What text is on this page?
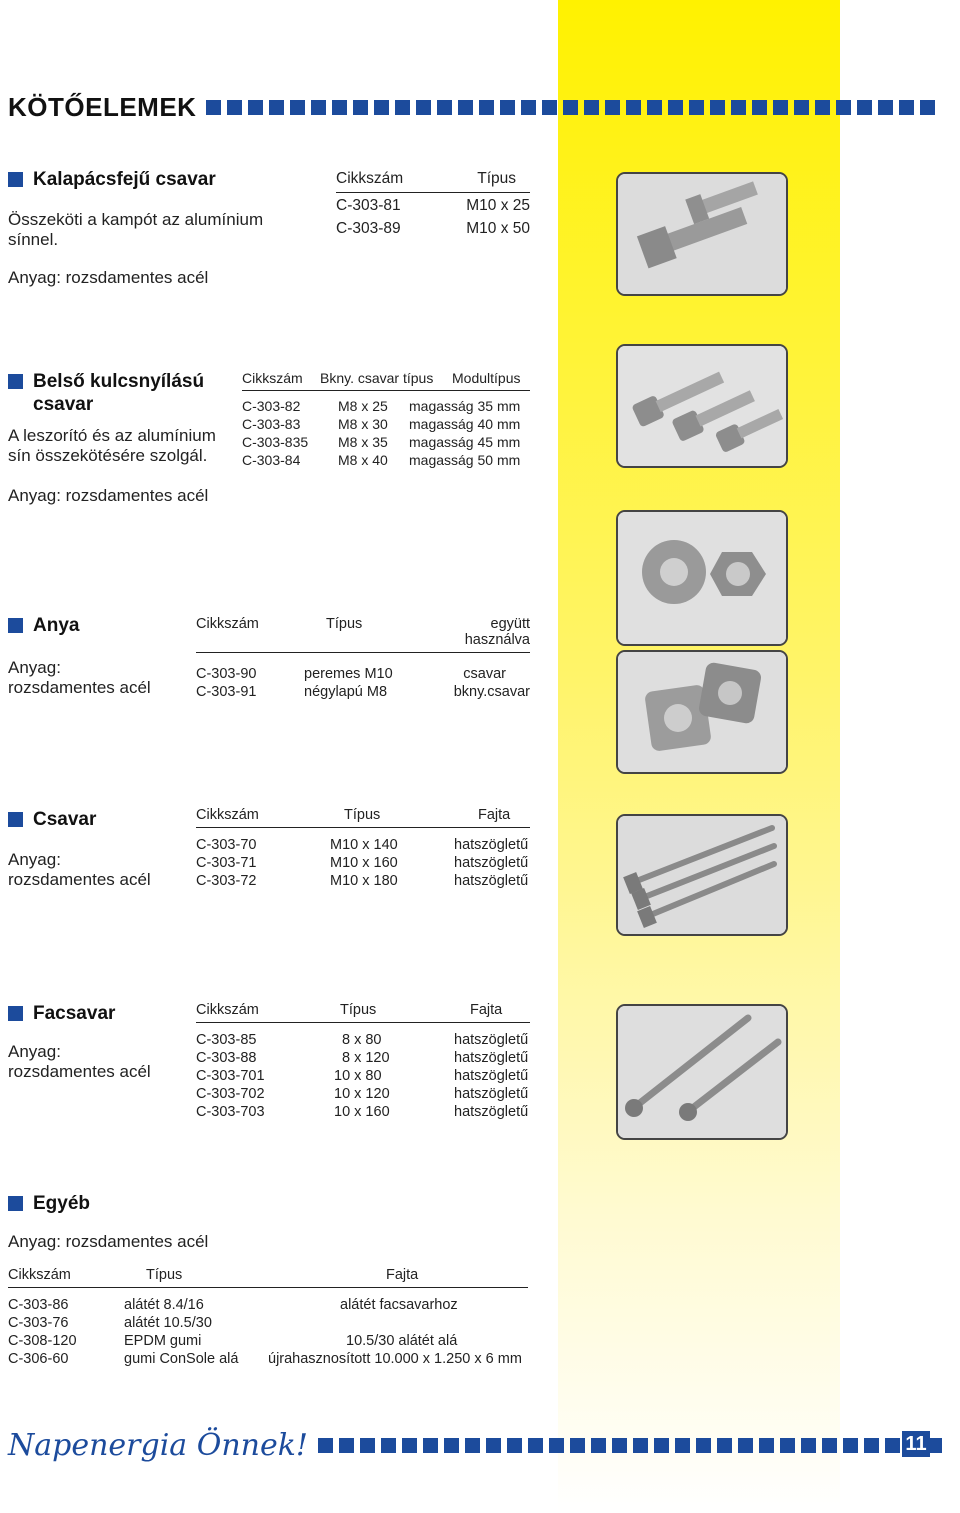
KÖTŐELEMEK
Kalapácsfejű csavar
Összeköti a kampót az alumínium sínnel.
Anyag: rozsdamentes acél
Cikkszám	Típus
C-303-81	M10 x 25
C-303-89	M10 x 50
Belső kulcsnyílású
csavar
A leszorító és az alumínium sín összekötésére szolgál.
Anyag: rozsdamentes acél
Cikkszám	Bkny. csavar típus	Modultípus
C-303-82	M8 x 25	magasság 35 mm
C-303-83	M8 x 30	magasság 40 mm
C-303-835	M8 x 35	magasság 45 mm
C-303-84	M8 x 40	magasság 50 mm
Anya
Anyag:
rozsdamentes acél
Cikkszám	Típus	együtt használva
C-303-90	peremes M10	csavar
C-303-91	négylapú M8	bkny.csavar
Csavar
Anyag:
rozsdamentes acél
Cikkszám	Típus	Fajta
C-303-70	M10 x 140	hatszögletű
C-303-71	M10 x 160	hatszögletű
C-303-72	M10 x 180	hatszögletű
Facsavar
Anyag:
rozsdamentes acél
Cikkszám	Típus	Fajta
C-303-85	8 x 80	hatszögletű
C-303-88	8 x 120	hatszögletű
C-303-701	10 x 80	hatszögletű
C-303-702	10 x 120	hatszögletű
C-303-703	10 x 160	hatszögletű
Egyéb
Anyag: rozsdamentes acél
Cikkszám	Típus	Fajta
C-303-86	alátét 8.4/16	alátét facsavarhoz
C-303-76	alátét 10.5/30
C-308-120	EPDM gumi	10.5/30 alátét alá
C-306-60	gumi ConSole alá	újrahasznosított 10.000 x 1.250 x 6 mm
Napenergia Önnek!	11
